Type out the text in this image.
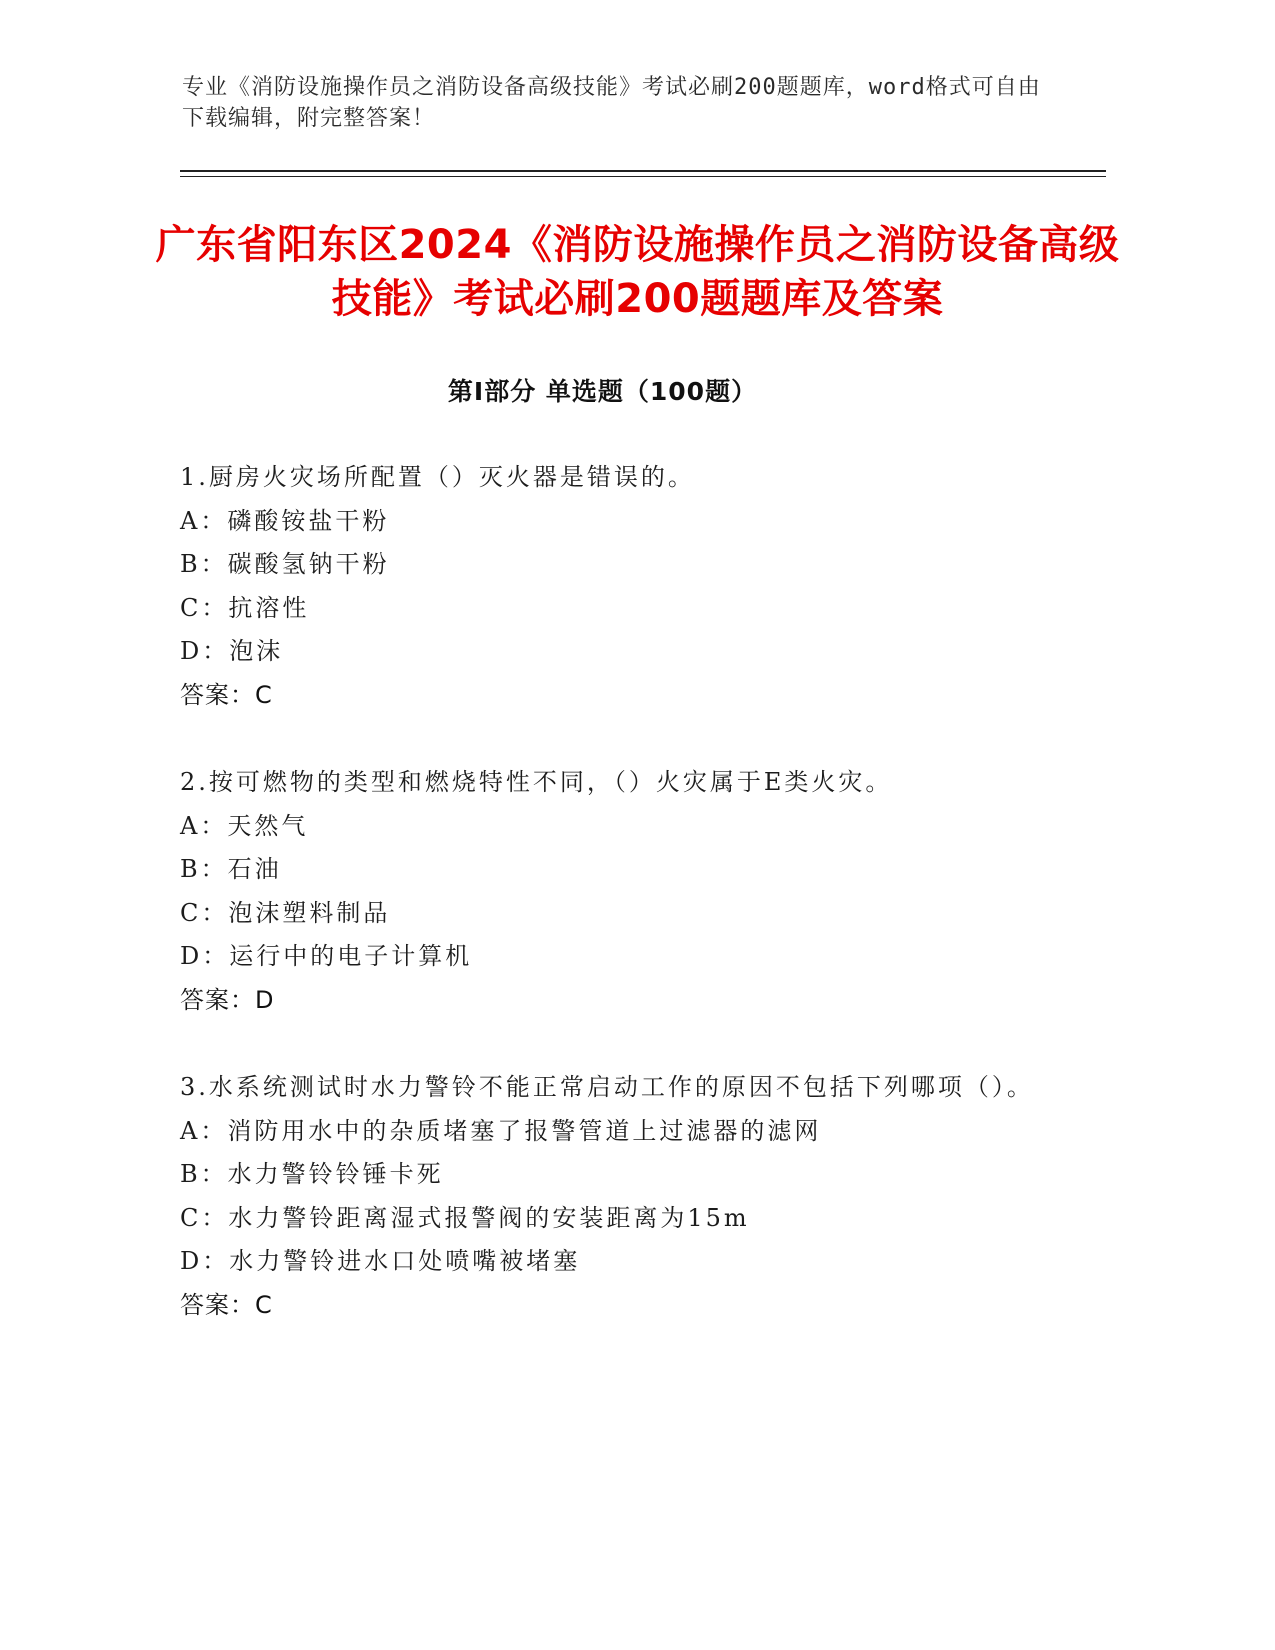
专业《消防设施操作员之消防设备高级技能》考试必刷200题题库，word格式可自由下载编辑，附完整答案！
广东省阳东区2024《消防设施操作员之消防设备高级技能》考试必刷200题题库及答案
第Ⅰ部分 单选题（100题）
1.厨房火灾场所配置（）灭火器是错误的。
A：磷酸铵盐干粉
B：碳酸氢钠干粉
C：抗溶性
D：泡沫
答案：C
2.按可燃物的类型和燃烧特性不同，（）火灾属于E类火灾。
A：天然气
B：石油
C：泡沫塑料制品
D：运行中的电子计算机
答案：D
3.水系统测试时水力警铃不能正常启动工作的原因不包括下列哪项（）。
A：消防用水中的杂质堵塞了报警管道上过滤器的滤网
B：水力警铃铃锤卡死
C：水力警铃距离湿式报警阀的安装距离为15m
D：水力警铃进水口处喷嘴被堵塞
答案：C
